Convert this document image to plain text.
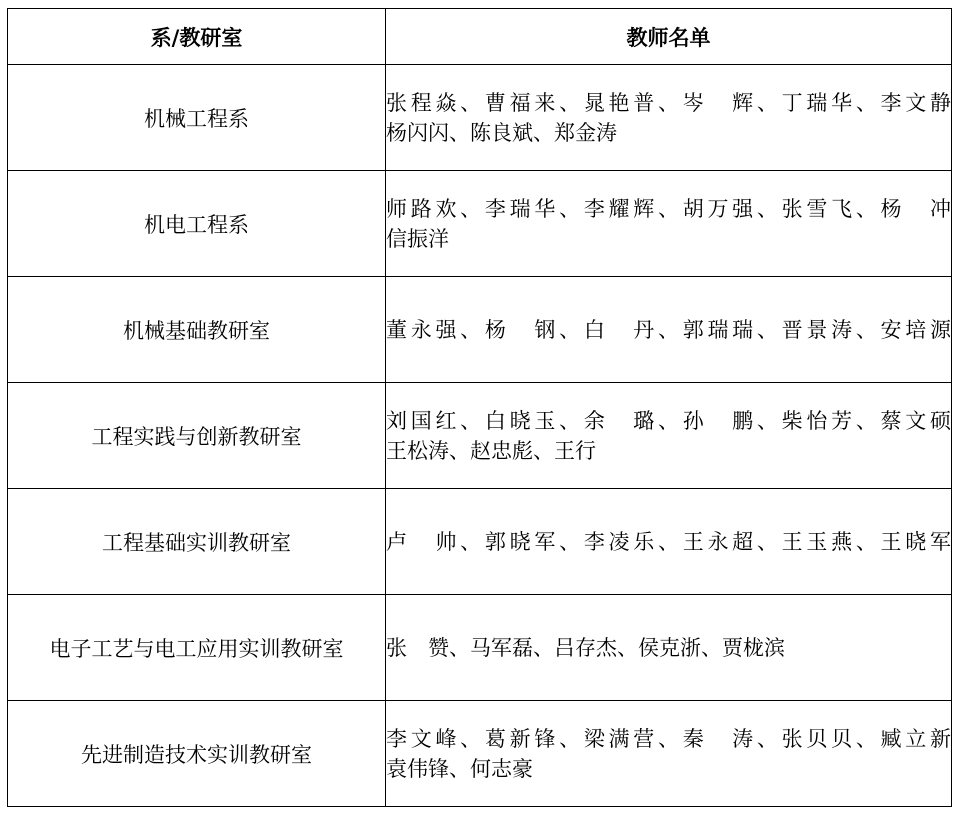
系/教研室	教师名单
机械工程系	张程焱、曹福来、晁艳普、岑　辉、丁瑞华、李文静
杨闪闪、陈良斌、郑金涛

机电工程系	师路欢、李瑞华、李耀辉、胡万强、张雪飞、杨　冲
信振洋

机械基础教研室	董永强、杨　钢、白　丹、郭瑞瑞、晋景涛、安培源

工程实践与创新教研室	刘国红、白晓玉、余　璐、孙　鹏、柴怡芳、蔡文硕
王松涛、赵忠彪、王行

工程基础实训教研室	卢　帅、郭晓军、李凌乐、王永超、王玉燕、王晓军

电子工艺与电工应用实训教研室	张　赞、马军磊、吕存杰、侯克浙、贾栊滨

先进制造技术实训教研室	李文峰、葛新锋、梁满营、秦　涛、张贝贝、臧立新
袁伟锋、何志豪
